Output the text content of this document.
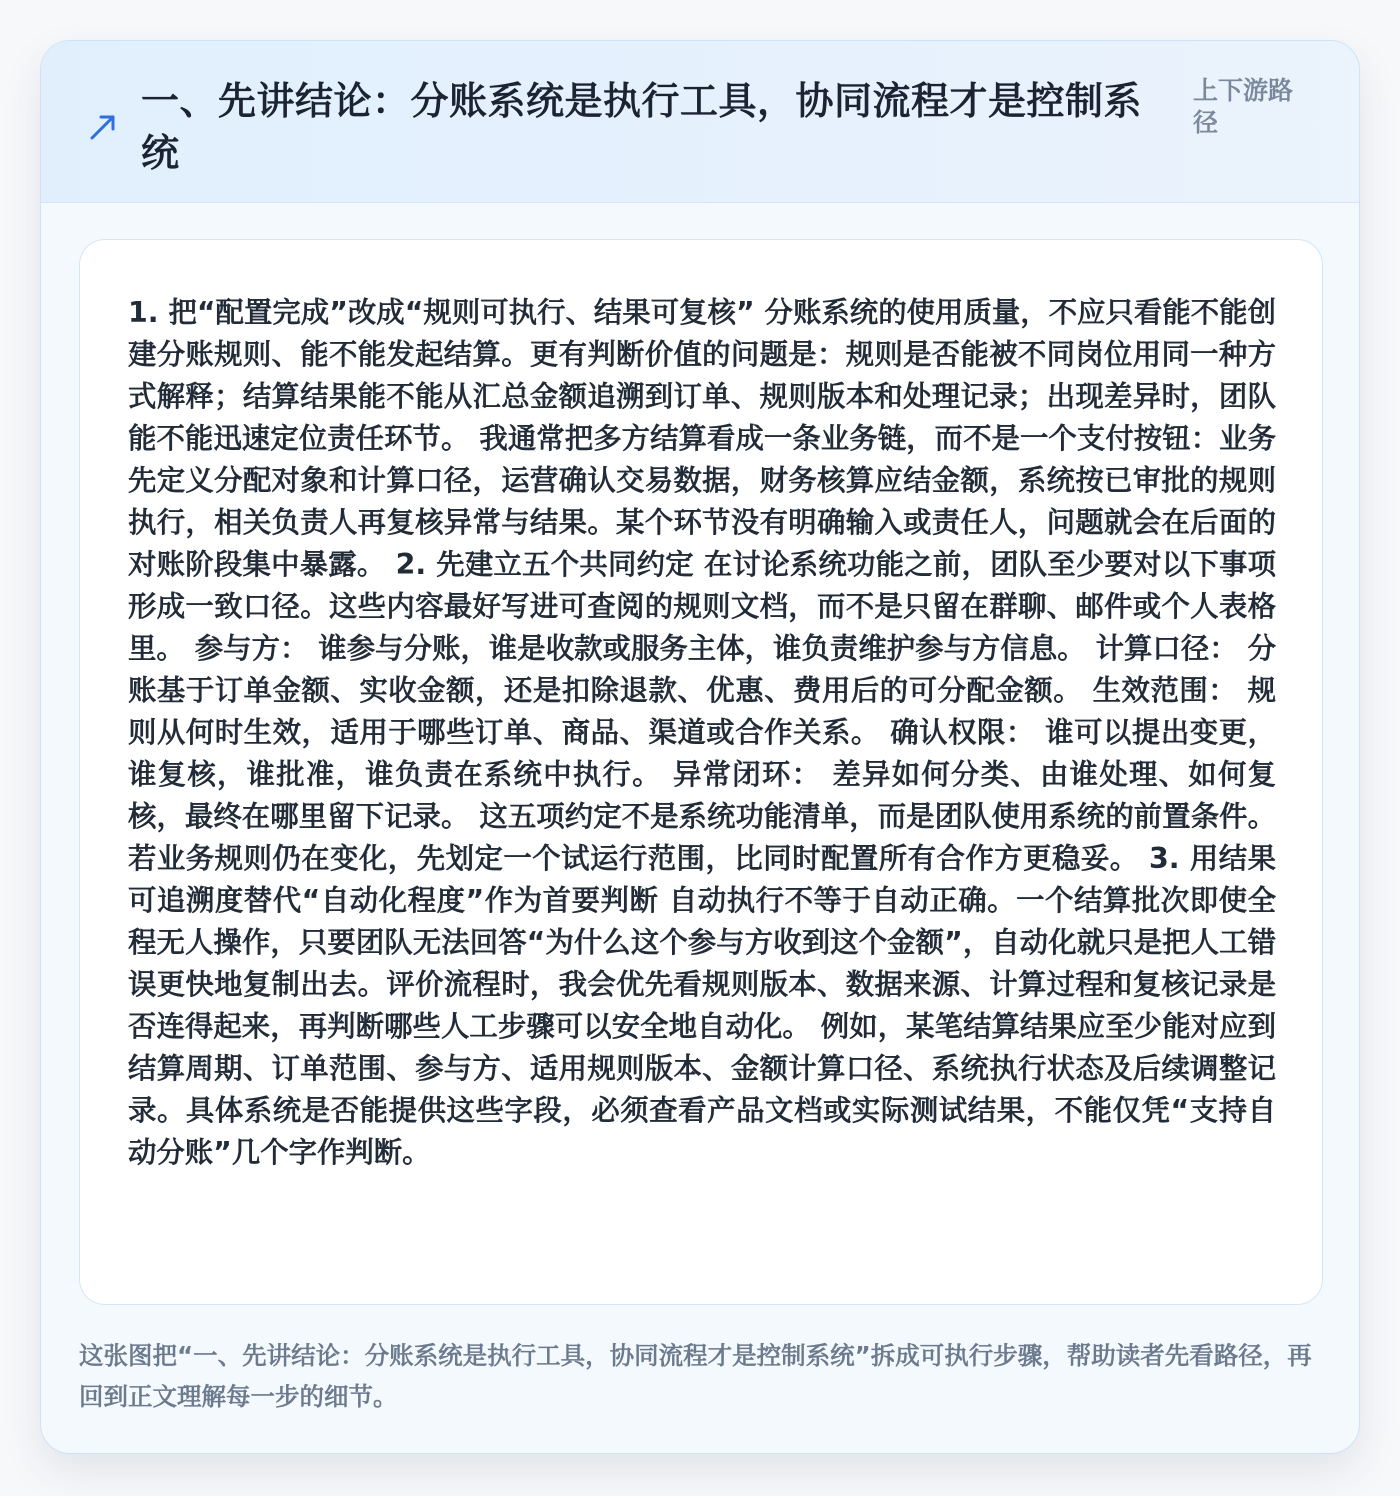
一、先讲结论：分账系统是执行工具，协同流程才是控制系统
上下游路径

1. 把“配置完成”改成“规则可执行、结果可复核” 分账系统的使用质量，不应只看能不能创建分账规则、能不能发起结算。更有判断价值的问题是：规则是否能被不同岗位用同一种方式解释；结算结果能不能从汇总金额追溯到订单、规则版本和处理记录；出现差异时，团队能不能迅速定位责任环节。 我通常把多方结算看成一条业务链，而不是一个支付按钮：业务先定义分配对象和计算口径，运营确认交易数据，财务核算应结金额，系统按已审批的规则执行，相关负责人再复核异常与结果。某个环节没有明确输入或责任人，问题就会在后面的对账阶段集中暴露。 2. 先建立五个共同约定 在讨论系统功能之前，团队至少要对以下事项形成一致口径。这些内容最好写进可查阅的规则文档，而不是只留在群聊、邮件或个人表格里。 参与方： 谁参与分账，谁是收款或服务主体，谁负责维护参与方信息。 计算口径： 分账基于订单金额、实收金额，还是扣除退款、优惠、费用后的可分配金额。 生效范围： 规则从何时生效，适用于哪些订单、商品、渠道或合作关系。 确认权限： 谁可以提出变更，谁复核，谁批准，谁负责在系统中执行。 异常闭环： 差异如何分类、由谁处理、如何复核，最终在哪里留下记录。 这五项约定不是系统功能清单，而是团队使用系统的前置条件。若业务规则仍在变化，先划定一个试运行范围，比同时配置所有合作方更稳妥。 3. 用结果可追溯度替代“自动化程度”作为首要判断 自动执行不等于自动正确。一个结算批次即使全程无人操作，只要团队无法回答“为什么这个参与方收到这个金额”，自动化就只是把人工错误更快地复制出去。评价流程时，我会优先看规则版本、数据来源、计算过程和复核记录是否连得起来，再判断哪些人工步骤可以安全地自动化。 例如，某笔结算结果应至少能对应到结算周期、订单范围、参与方、适用规则版本、金额计算口径、系统执行状态及后续调整记录。具体系统是否能提供这些字段，必须查看产品文档或实际测试结果，不能仅凭“支持自动分账”几个字作判断。

这张图把“一、先讲结论：分账系统是执行工具，协同流程才是控制系统”拆成可执行步骤，帮助读者先看路径，再回到正文理解每一步的细节。
